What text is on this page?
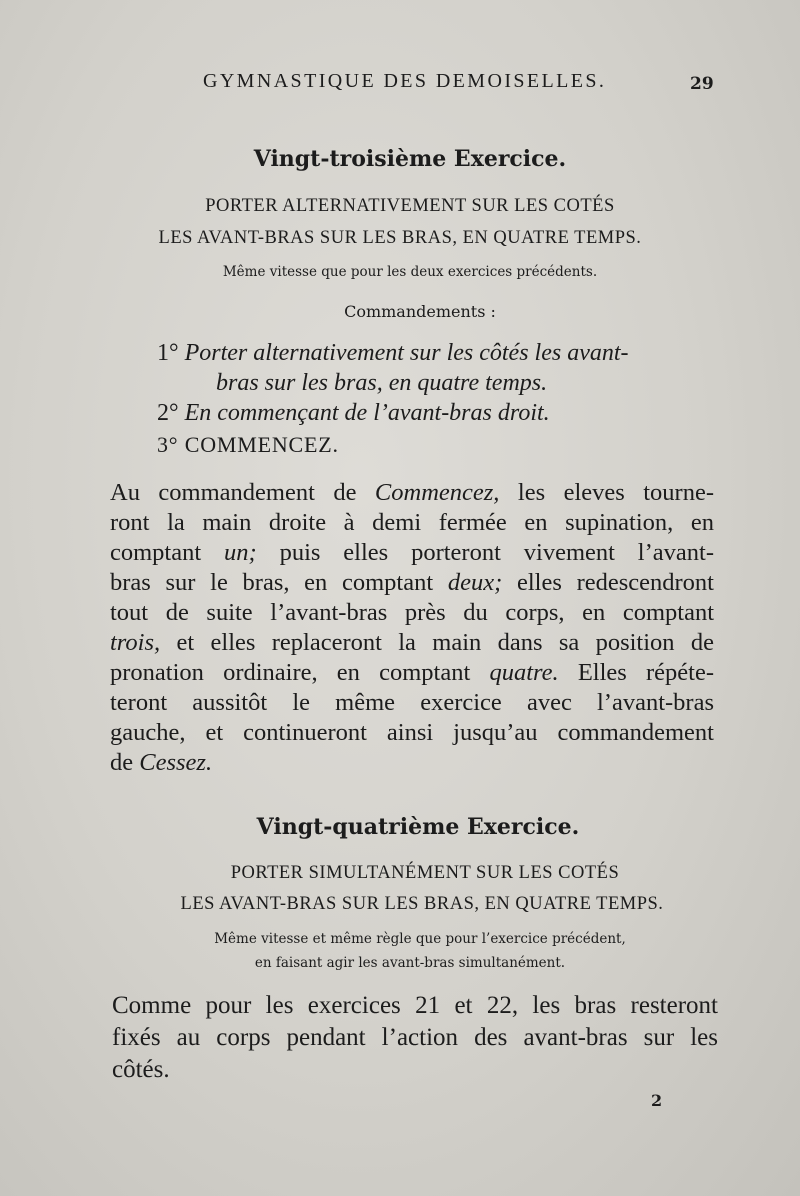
GYMNASTIQUE DES DEMOISELLES.	29
Vingt-troisième Exercice.
PORTER ALTERNATIVEMENT SUR LES COTÉS
LES AVANT-BRAS SUR LES BRAS, EN QUATRE TEMPS.
Même vitesse que pour les deux exercices précédents.
Commandements :
1° Porter alternativement sur les côtés les avant-
bras sur les bras, en quatre temps.
2° En commençant de l’avant-bras droit.
3° COMMENCEZ.
Au commandement de Commencez, les eleves tourne-
ront la main droite à demi fermée en supination, en
comptant un; puis elles porteront vivement l’avant-
bras sur le bras, en comptant deux; elles redescendront
tout de suite l’avant-bras près du corps, en comptant
trois, et elles replaceront la main dans sa position de
pronation ordinaire, en comptant quatre. Elles répéte-
teront aussitôt le même exercice avec l’avant-bras
gauche, et continueront ainsi jusqu’au commandement
de Cessez.
Vingt-quatrième Exercice.
PORTER SIMULTANÉMENT SUR LES COTÉS
LES AVANT-BRAS SUR LES BRAS, EN QUATRE TEMPS.
Même vitesse et même règle que pour l’exercice précédent,
en faisant agir les avant-bras simultanément.
Comme pour les exercices 21 et 22, les bras resteront
fixés au corps pendant l’action des avant-bras sur les
côtés.
2
